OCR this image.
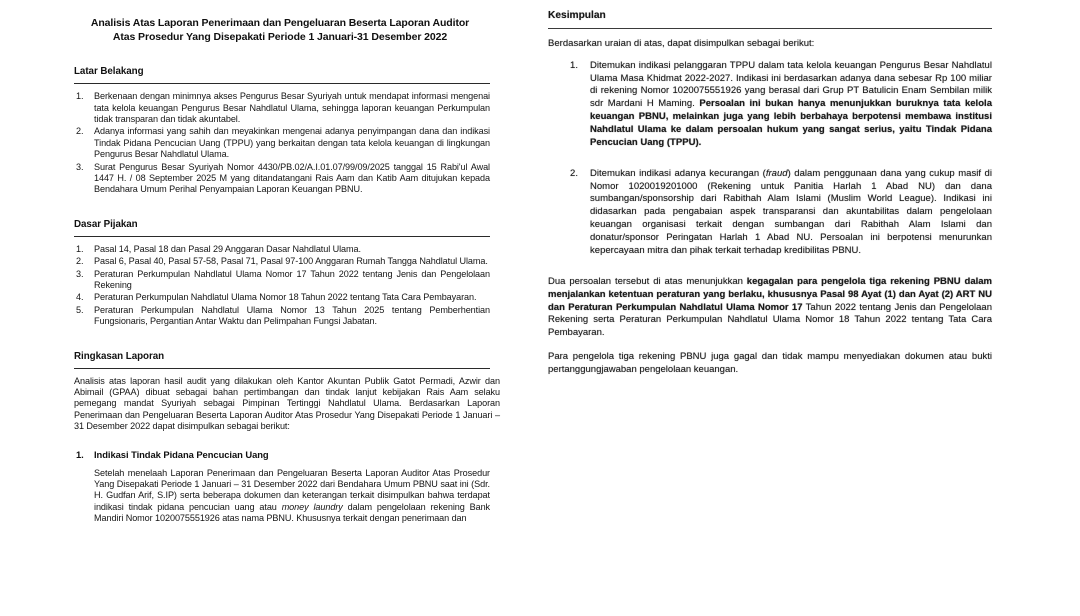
Analisis Atas Laporan Penerimaan dan Pengeluaran Beserta Laporan Auditor
Atas Prosedur Yang Disepakati Periode 1 Januari-31 Desember 2022
Latar Belakang
Berkenaan dengan minimnya akses Pengurus Besar Syuriyah untuk mendapat informasi mengenai tata kelola keuangan Pengurus Besar Nahdlatul Ulama, sehingga laporan keuangan Perkumpulan tidak transparan dan tidak akuntabel.
Adanya informasi yang sahih dan meyakinkan mengenai adanya penyimpangan dana dan indikasi Tindak Pidana Pencucian Uang (TPPU) yang berkaitan dengan tata kelola keuangan di lingkungan Pengurus Besar Nahdlatul Ulama.
Surat Pengurus Besar Syuriyah Nomor 4430/PB.02/A.I.01.07/99/09/2025 tanggal 15 Rabi'ul Awal 1447 H. / 08 September 2025 M yang ditandatangani Rais Aam dan Katib Aam ditujukan kepada Bendahara Umum Perihal Penyampaian Laporan Keuangan PBNU.
Dasar Pijakan
Pasal 14, Pasal 18 dan Pasal 29 Anggaran Dasar Nahdlatul Ulama.
Pasal 6, Pasal 40, Pasal 57-58, Pasal 71, Pasal 97-100 Anggaran Rumah Tangga Nahdlatul Ulama.
Peraturan Perkumpulan Nahdlatul Ulama Nomor 17 Tahun 2022 tentang Jenis dan Pengelolaan Rekening
Peraturan Perkumpulan Nahdlatul Ulama Nomor 18 Tahun 2022 tentang Tata Cara Pembayaran.
Peraturan Perkumpulan Nahdlatul Ulama Nomor 13 Tahun 2025 tentang Pemberhentian Fungsionaris, Pergantian Antar Waktu dan Pelimpahan Fungsi Jabatan.
Ringkasan Laporan
Analisis atas laporan hasil audit yang dilakukan oleh Kantor Akuntan Publik Gatot Permadi, Azwir dan Abimail (GPAA) dibuat sebagai bahan pertimbangan dan tindak lanjut kebijakan Rais Aam selaku pemegang mandat Syuriyah sebagai Pimpinan Tertinggi Nahdlatul Ulama. Berdasarkan Laporan Penerimaan dan Pengeluaran Beserta Laporan Auditor Atas Prosedur Yang Disepakati Periode 1 Januari – 31 Desember 2022 dapat disimpulkan sebagai berikut:
1. Indikasi Tindak Pidana Pencucian Uang
Setelah menelaah Laporan Penerimaan dan Pengeluaran Beserta Laporan Auditor Atas Prosedur Yang Disepakati Periode 1 Januari – 31 Desember 2022 dari Bendahara Umum PBNU saat ini (Sdr. H. Gudfan Arif, S.IP) serta beberapa dokumen dan keterangan terkait disimpulkan bahwa terdapat indikasi tindak pidana pencucian uang atau money laundry dalam pengelolaan rekening Bank Mandiri Nomor 1020075551926 atas nama PBNU. Khususnya terkait dengan penerimaan dan
Kesimpulan
Berdasarkan uraian di atas, dapat disimpulkan sebagai berikut:
Ditemukan indikasi pelanggaran TPPU dalam tata kelola keuangan Pengurus Besar Nahdlatul Ulama Masa Khidmat 2022-2027. Indikasi ini berdasarkan adanya dana sebesar Rp 100 miliar di rekening Nomor 1020075551926 yang berasal dari Grup PT Batulicin Enam Sembilan milik sdr Mardani H Maming. Persoalan ini bukan hanya menunjukkan buruknya tata kelola keuangan PBNU, melainkan juga yang lebih berbahaya berpotensi membawa institusi Nahdlatul Ulama ke dalam persoalan hukum yang sangat serius, yaitu Tindak Pidana Pencucian Uang (TPPU).
Ditemukan indikasi adanya kecurangan (fraud) dalam penggunaan dana yang cukup masif di Nomor 1020019201000 (Rekening untuk Panitia Harlah 1 Abad NU) dan dana sumbangan/sponsorship dari Rabithah Alam Islami (Muslim World League). Indikasi ini didasarkan pada pengabaian aspek transparansi dan akuntabilitas dalam pengelolaan keuangan organisasi terkait dengan sumbangan dari Rabithah Alam Islami dan donatur/sponsor Peringatan Harlah 1 Abad NU. Persoalan ini berpotensi menurunkan kepercayaan mitra dan pihak terkait terhadap kredibilitas PBNU.

Dua persoalan tersebut di atas menunjukkan kegagalan para pengelola tiga rekening PBNU dalam menjalankan ketentuan peraturan yang berlaku, khususnya Pasal 98 Ayat (1) dan Ayat (2) ART NU dan Peraturan Perkumpulan Nahdlatul Ulama Nomor 17 Tahun 2022 tentang Jenis dan Pengelolaan Rekening serta Peraturan Perkumpulan Nahdlatul Ulama Nomor 18 Tahun 2022 tentang Tata Cara Pembayaran.

Para pengelola tiga rekening PBNU juga gagal dan tidak mampu menyediakan dokumen atau bukti pertanggungjawaban pengelolaan keuangan.
